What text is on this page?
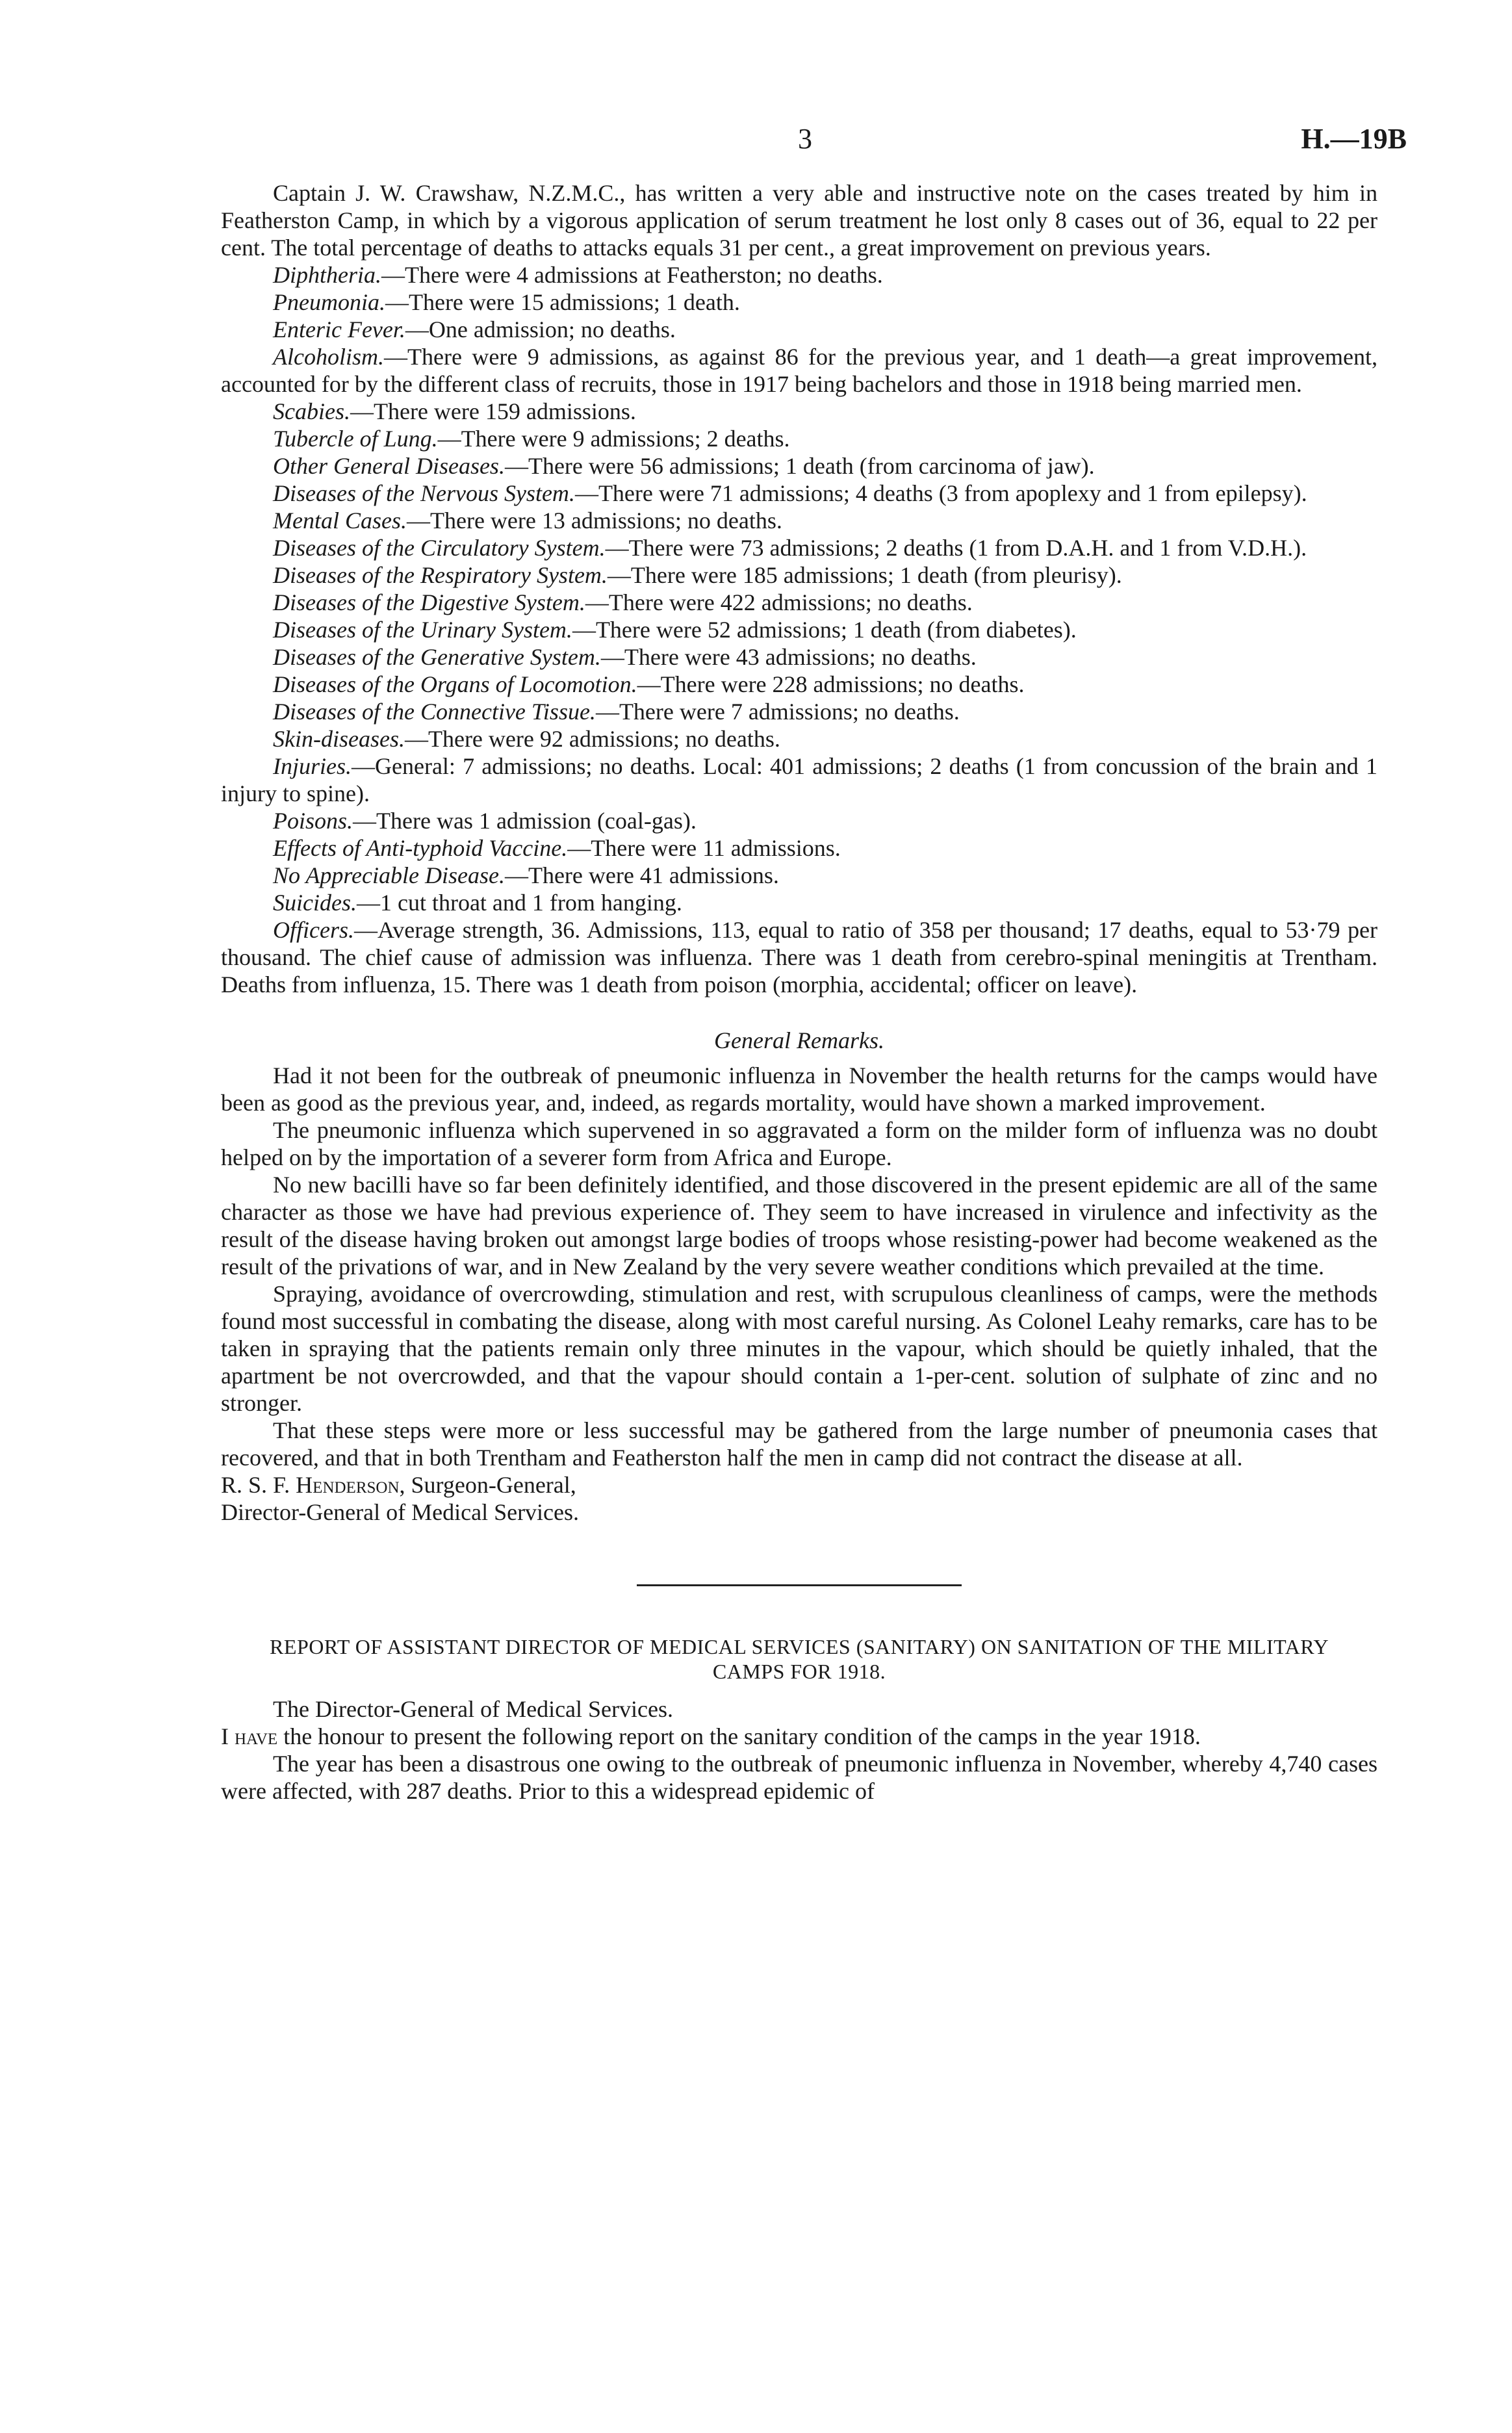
3	H.—19B

Captain J. W. Crawshaw, N.Z.M.C., has written a very able and instructive note on the cases treated by him in Featherston Camp, in which by a vigorous application of serum treatment he lost only 8 cases out of 36, equal to 22 per cent. The total percentage of deaths to attacks equals 31 per cent., a great improvement on previous years.

Diphtheria.—There were 4 admissions at Featherston; no deaths.

Pneumonia.—There were 15 admissions; 1 death.

Enteric Fever.—One admission; no deaths.

Alcoholism.—There were 9 admissions, as against 86 for the previous year, and 1 death—a great improvement, accounted for by the different class of recruits, those in 1917 being bachelors and those in 1918 being married men.

Scabies.—There were 159 admissions.

Tubercle of Lung.—There were 9 admissions; 2 deaths.

Other General Diseases.—There were 56 admissions; 1 death (from carcinoma of jaw).

Diseases of the Nervous System.—There were 71 admissions; 4 deaths (3 from apoplexy and 1 from epilepsy).

Mental Cases.—There were 13 admissions; no deaths.

Diseases of the Circulatory System.—There were 73 admissions; 2 deaths (1 from D.A.H. and 1 from V.D.H.).

Diseases of the Respiratory System.—There were 185 admissions; 1 death (from pleurisy).

Diseases of the Digestive System.—There were 422 admissions; no deaths.

Diseases of the Urinary System.—There were 52 admissions; 1 death (from diabetes).

Diseases of the Generative System.—There were 43 admissions; no deaths.

Diseases of the Organs of Locomotion.—There were 228 admissions; no deaths.

Diseases of the Connective Tissue.—There were 7 admissions; no deaths.

Skin-diseases.—There were 92 admissions; no deaths.

Injuries.—General: 7 admissions; no deaths. Local: 401 admissions; 2 deaths (1 from concussion of the brain and 1 injury to spine).

Poisons.—There was 1 admission (coal-gas).

Effects of Anti-typhoid Vaccine.—There were 11 admissions.

No Appreciable Disease.—There were 41 admissions.

Suicides.—1 cut throat and 1 from hanging.

Officers.—Average strength, 36. Admissions, 113, equal to ratio of 358 per thousand; 17 deaths, equal to 53·79 per thousand. The chief cause of admission was influenza. There was 1 death from cerebro-spinal meningitis at Trentham. Deaths from influenza, 15. There was 1 death from poison (morphia, accidental; officer on leave).

General Remarks.

Had it not been for the outbreak of pneumonic influenza in November the health returns for the camps would have been as good as the previous year, and, indeed, as regards mortality, would have shown a marked improvement.

The pneumonic influenza which supervened in so aggravated a form on the milder form of influenza was no doubt helped on by the importation of a severer form from Africa and Europe.

No new bacilli have so far been definitely identified, and those discovered in the present epidemic are all of the same character as those we have had previous experience of. They seem to have increased in virulence and infectivity as the result of the disease having broken out amongst large bodies of troops whose resisting-power had become weakened as the result of the privations of war, and in New Zealand by the very severe weather conditions which prevailed at the time.

Spraying, avoidance of overcrowding, stimulation and rest, with scrupulous cleanliness of camps, were the methods found most successful in combating the disease, along with most careful nursing. As Colonel Leahy remarks, care has to be taken in spraying that the patients remain only three minutes in the vapour, which should be quietly inhaled, that the apartment be not overcrowded, and that the vapour should contain a 1-per-cent. solution of sulphate of zinc and no stronger.

That these steps were more or less successful may be gathered from the large number of pneumonia cases that recovered, and that in both Trentham and Featherston half the men in camp did not contract the disease at all.

R. S. F. Henderson, Surgeon-General,

Director-General of Medical Services.

REPORT OF ASSISTANT DIRECTOR OF MEDICAL SERVICES (SANITARY) ON SANITATION OF THE MILITARY CAMPS FOR 1918.

The Director-General of Medical Services.

I have the honour to present the following report on the sanitary condition of the camps in the year 1918.

The year has been a disastrous one owing to the outbreak of pneumonic influenza in November, whereby 4,740 cases were affected, with 287 deaths. Prior to this a widespread epidemic of
